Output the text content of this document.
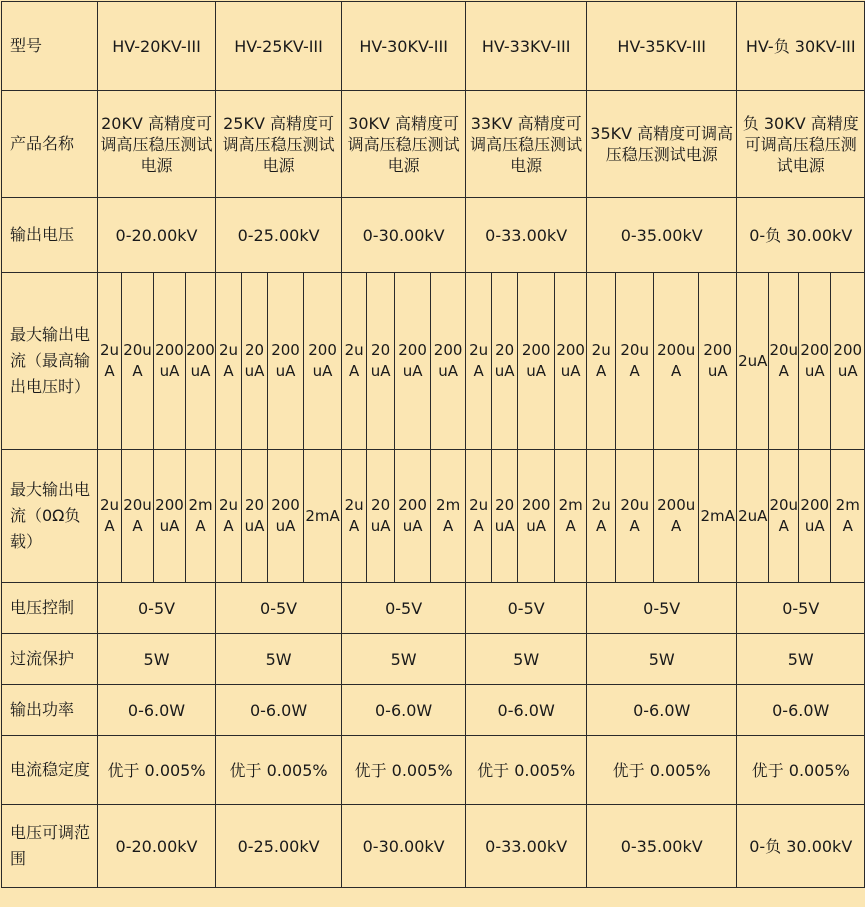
型号	HV-20KV-III				HV-25KV-III				HV-30KV-III				HV-33KV-III				HV-35KV-III				HV-负 30KV-III			
产品名称	20KV 高精度可调高压稳压测试电源				25KV 高精度可调高压稳压测试电源				30KV 高精度可调高压稳压测试电源				33KV 高精度可调高压稳压测试电源				35KV 高精度可调高压稳压测试电源				负 30KV 高精度可调高压稳压测试电源			
输出电压	0-20.00kV				0-25.00kV				0-30.00kV				0-33.00kV				0-35.00kV				0-负 30.00kV			
最大输出电流（最高输出电压时）	2uA	20uA	200uA	200uA	2uA	20uA	200uA	200uA	2uA	20uA	200uA	200uA	2uA	20uA	200uA	200uA	2uA	20uA	200uA	200uA	2uA	20uA	200uA	200uA
最大输出电流（0Ω负载）	2uA	20uA	200uA	2mA	2uA	20uA	200uA	2mA	2uA	20uA	200uA	2mA	2uA	20uA	200uA	2mA	2uA	20uA	200uA	2mA	2uA	20uA	200uA	2mA
电压控制	0-5V				0-5V				0-5V				0-5V				0-5V				0-5V			
过流保护	5W				5W				5W				5W				5W				5W			
输出功率	0-6.0W				0-6.0W				0-6.0W				0-6.0W				0-6.0W				0-6.0W			
电流稳定度	优于 0.005%				优于 0.005%				优于 0.005%				优于 0.005%				优于 0.005%				优于 0.005%			
电压可调范围	0-20.00kV				0-25.00kV				0-30.00kV				0-33.00kV				0-35.00kV				0-负 30.00kV			
